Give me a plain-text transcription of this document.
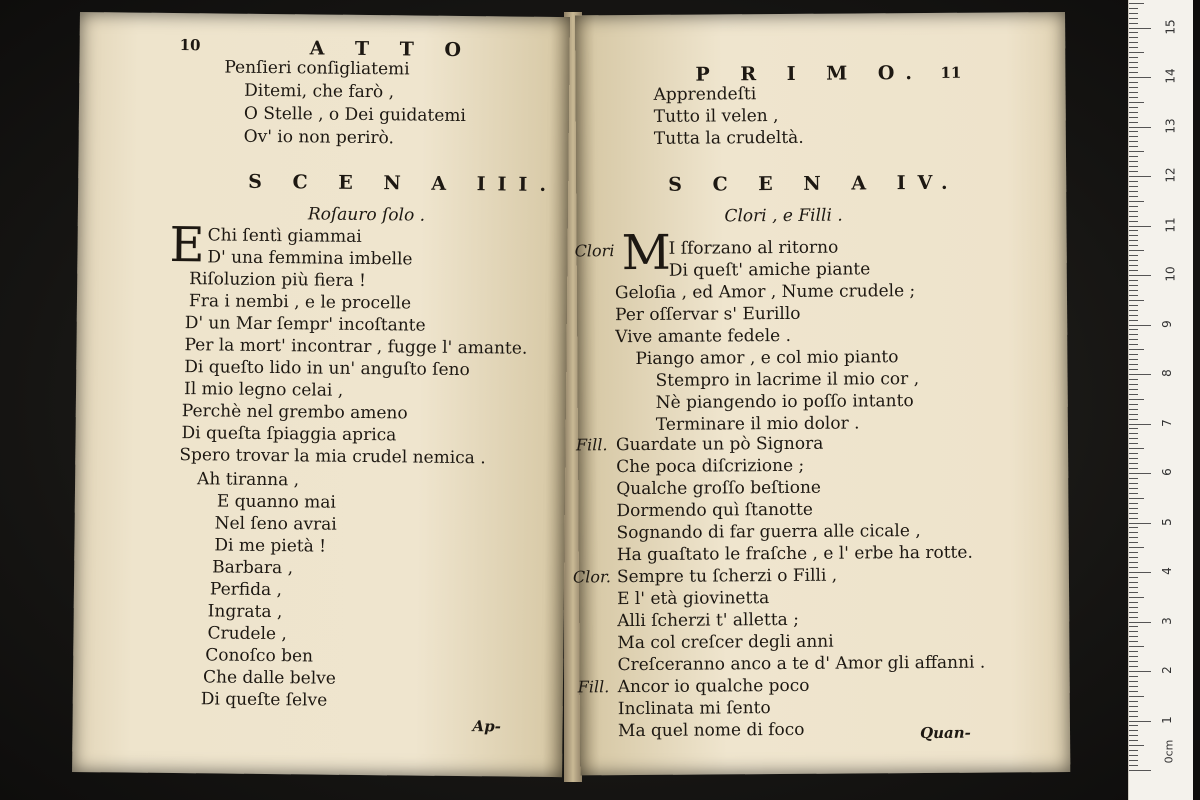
10	A T T O
Penſieri conſigliatemi
Ditemi, che farò ,
O Stelle , o Dei guidatemi
Ov' io non perirò.
S C E N A III.
Roſauro ſolo .
E Chi ſentì giammai
D' una femmina imbelle
Riſoluzion più fiera !
Fra i nembi , e le procelle
D' un Mar ſempr' incoſtante
Per la mort' incontrar , fugge l' amante.
Di queſto lido in un' anguſto ſeno
Il mio legno celai ,
Perchè nel grembo ameno
Di queſta ſpiaggia aprica
Spero trovar la mia crudel nemica .
Ah tiranna ,
E quanno mai
Nel ſeno avrai
Di me pietà !
Barbara ,
Perfida ,
Ingrata ,
Crudele ,
Conoſco ben
Che dalle belve
Di queſte ſelve
Ap-
P R I M O. 11
Apprendeſti
Tutto il velen ,
Tutta la crudeltà.
S C E N A IV.
Clori , e Filli .
Clori M
I ſforzano al ritorno
Di queſt' amiche piante
Geloſia , ed Amor , Nume crudele ;
Per oſſervar s' Eurillo
Vive amante fedele .
Piango amor , e col mio pianto
Stempro in lacrime il mio cor ,
Nè piangendo io poſſo intanto
Terminare il mio dolor .
Fill. Guardate un pò Signora
Che poca diſcrizione ;
Qualche groſſo beſtione
Dormendo quì ſtanotte
Sognando di far guerra alle cicale ,
Ha guaſtato le fraſche , e l' erbe ha rotte.
Clor. Sempre tu ſcherzi o Filli ,
E l' età giovinetta
Alli ſcherzi t' alletta ;
Ma col creſcer degli anni
Creſceranno anco a te d' Amor gli affanni .
Fill. Ancor io qualche poco
Inclinata mi ſento
Ma quel nome di foco	Quan-
1
2
3
4
5
6
7
8
9
10
11
12
13
14
15
0cm
